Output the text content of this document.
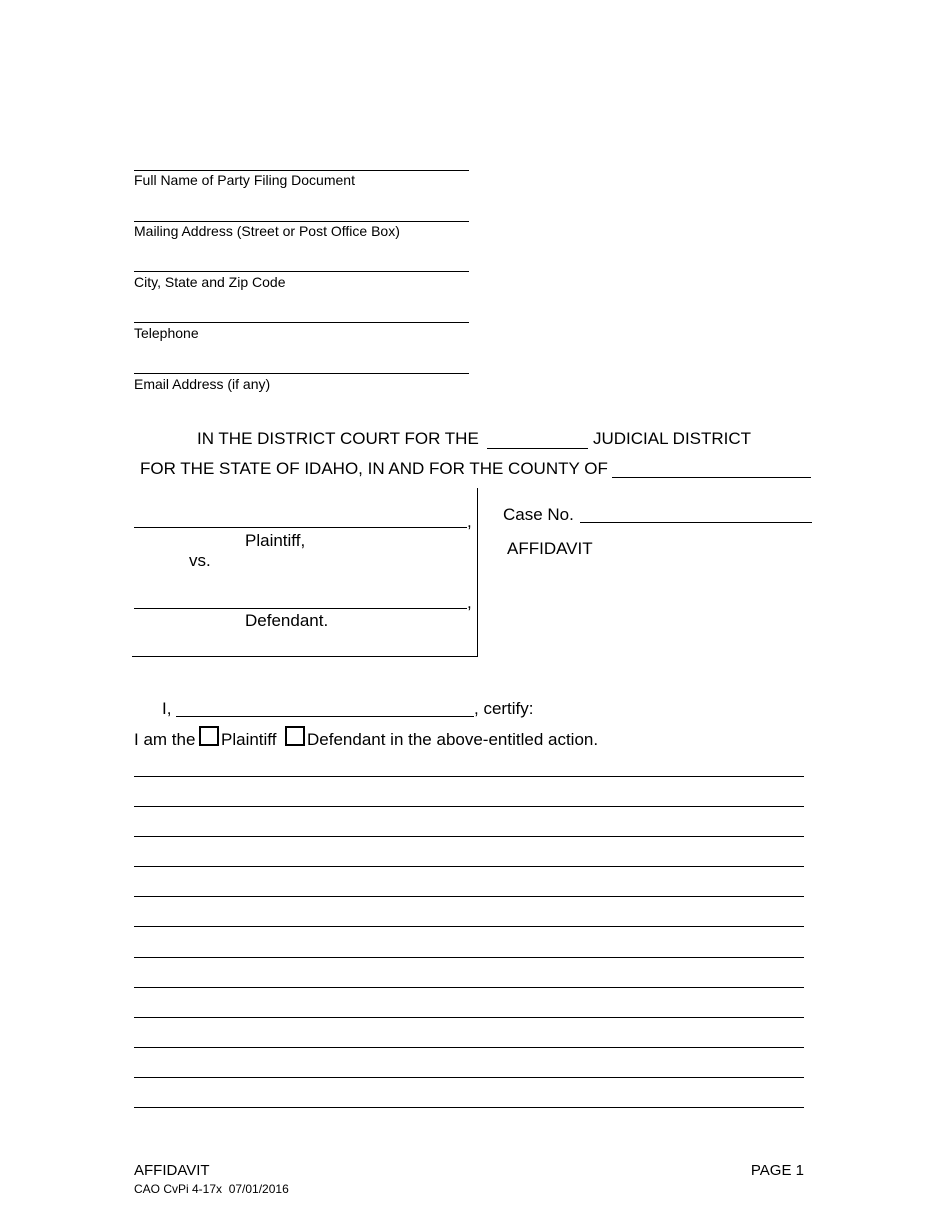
Full Name of Party Filing Document
Mailing Address (Street or Post Office Box)
City, State and Zip Code
Telephone
Email Address (if any)
IN THE DISTRICT COURT FOR THE	JUDICIAL DISTRICT
FOR THE STATE OF IDAHO, IN AND FOR THE COUNTY OF
,
Plaintiff,
vs.
,
Defendant.
Case No.
AFFIDAVIT
I,	, certify:
I am the Plaintiff Defendant in the above-entitled action.
AFFIDAVIT
CAO CvPi 4-17x  07/01/2016
PAGE 1
